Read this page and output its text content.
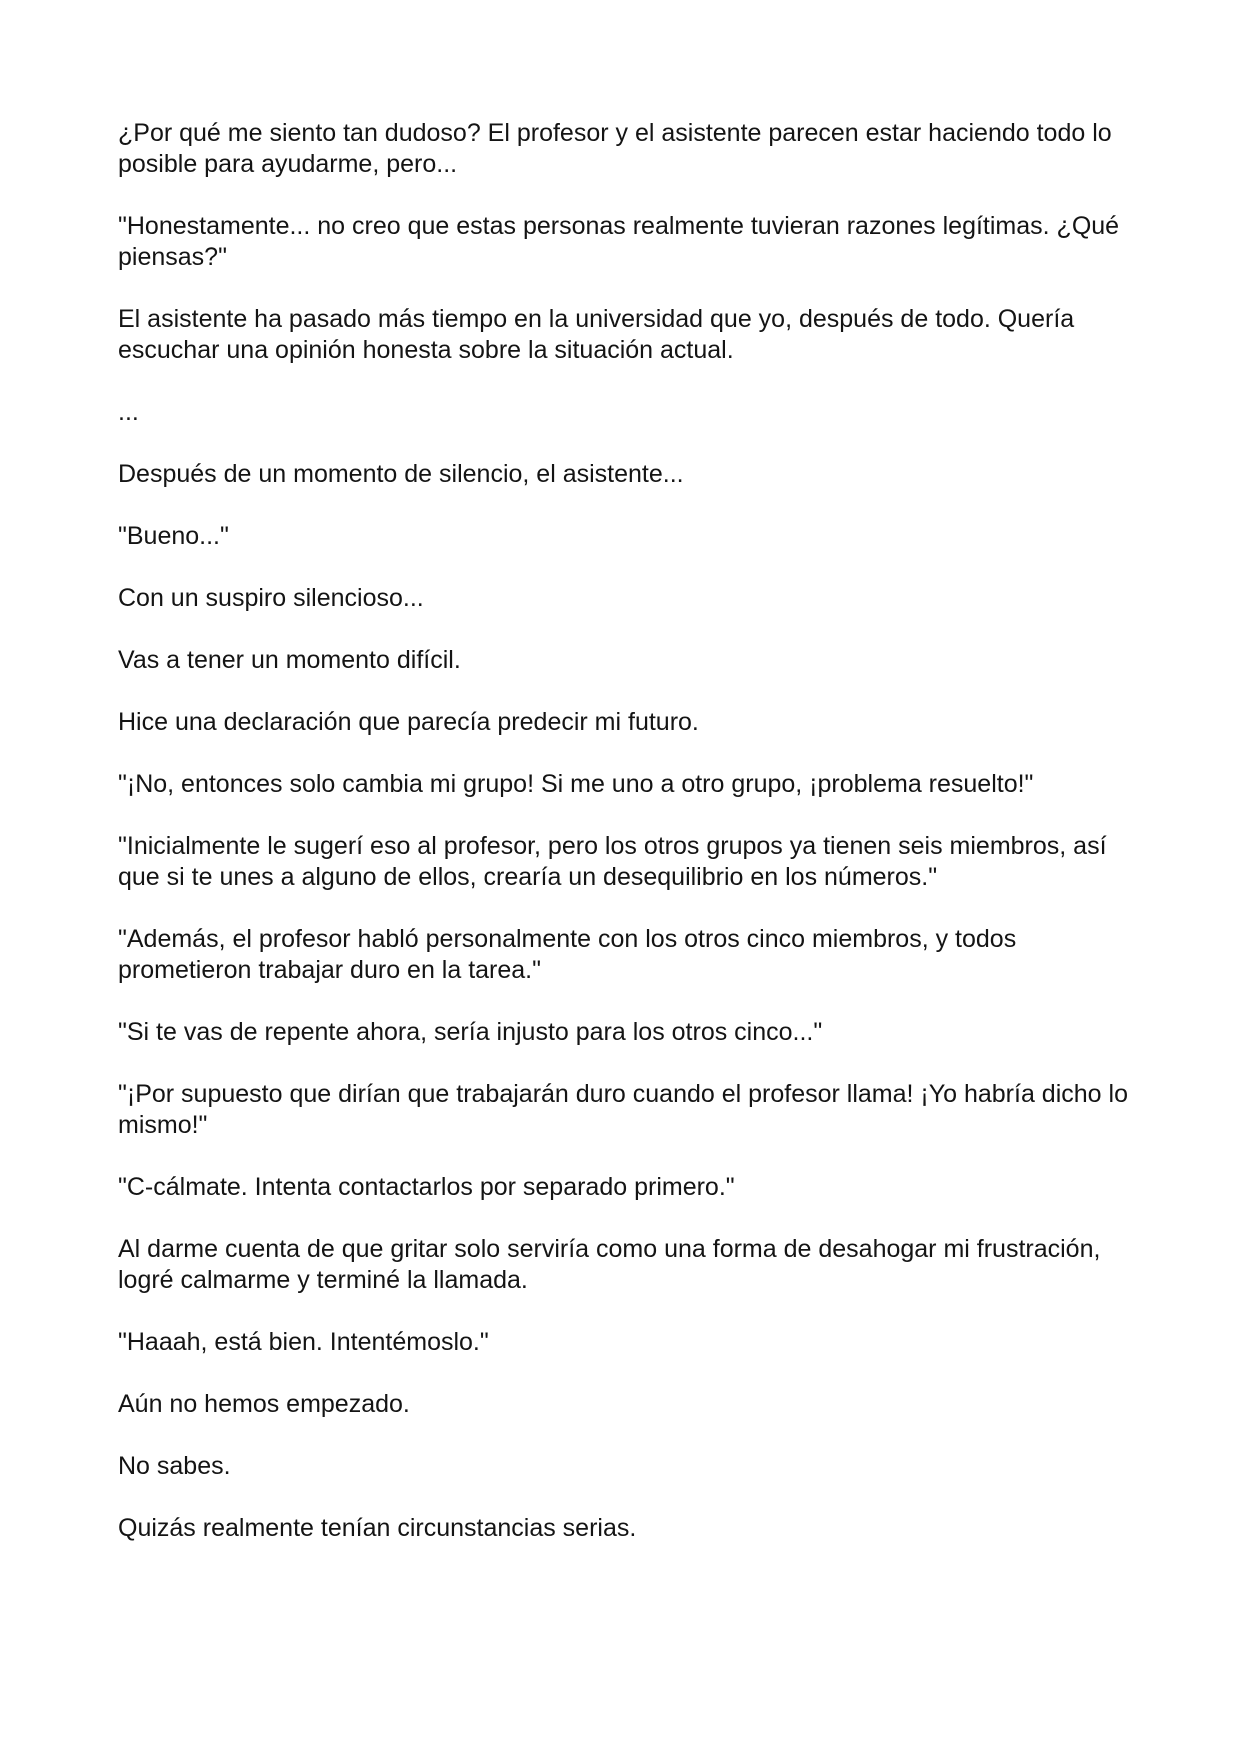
¿Por qué me siento tan dudoso? El profesor y el asistente parecen estar haciendo todo lo posible para ayudarme, pero...

"Honestamente... no creo que estas personas realmente tuvieran razones legítimas. ¿Qué piensas?"

El asistente ha pasado más tiempo en la universidad que yo, después de todo. Quería escuchar una opinión honesta sobre la situación actual.

...

Después de un momento de silencio, el asistente...

"Bueno..."

Con un suspiro silencioso...

Vas a tener un momento difícil.

Hice una declaración que parecía predecir mi futuro.

"¡No, entonces solo cambia mi grupo! Si me uno a otro grupo, ¡problema resuelto!"

"Inicialmente le sugerí eso al profesor, pero los otros grupos ya tienen seis miembros, así que si te unes a alguno de ellos, crearía un desequilibrio en los números."

"Además, el profesor habló personalmente con los otros cinco miembros, y todos prometieron trabajar duro en la tarea."

"Si te vas de repente ahora, sería injusto para los otros cinco..."

"¡Por supuesto que dirían que trabajarán duro cuando el profesor llama! ¡Yo habría dicho lo mismo!"

"C-cálmate. Intenta contactarlos por separado primero."

Al darme cuenta de que gritar solo serviría como una forma de desahogar mi frustración, logré calmarme y terminé la llamada.

"Haaah, está bien. Intentémoslo."

Aún no hemos empezado.

No sabes.

Quizás realmente tenían circunstancias serias.
